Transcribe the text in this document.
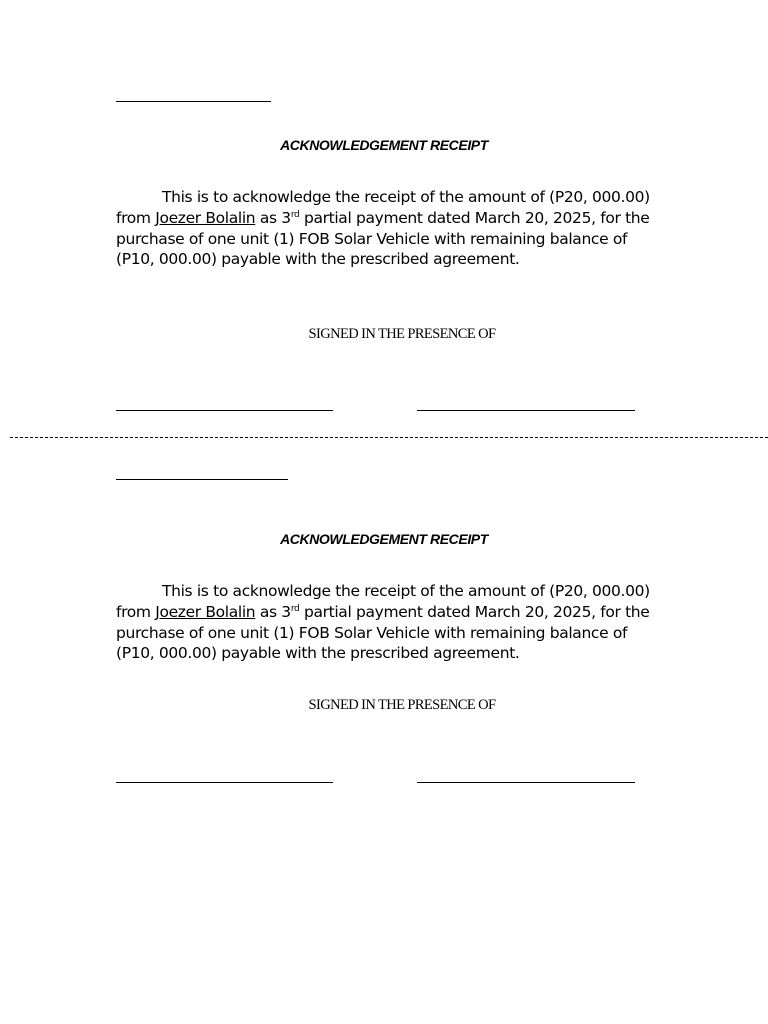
ACKNOWLEDGEMENT RECEIPT
This is to acknowledge the receipt of the amount of (P20, 000.00)
from Joezer Bolalin as 3rd partial payment dated March 20, 2025, for the
purchase of one unit (1) FOB Solar Vehicle with remaining balance of
(P10, 000.00) payable with the prescribed agreement.
SIGNED IN THE PRESENCE OF
ACKNOWLEDGEMENT RECEIPT
This is to acknowledge the receipt of the amount of (P20, 000.00)
from Joezer Bolalin as 3rd partial payment dated March 20, 2025, for the
purchase of one unit (1) FOB Solar Vehicle with remaining balance of
(P10, 000.00) payable with the prescribed agreement.
SIGNED IN THE PRESENCE OF
